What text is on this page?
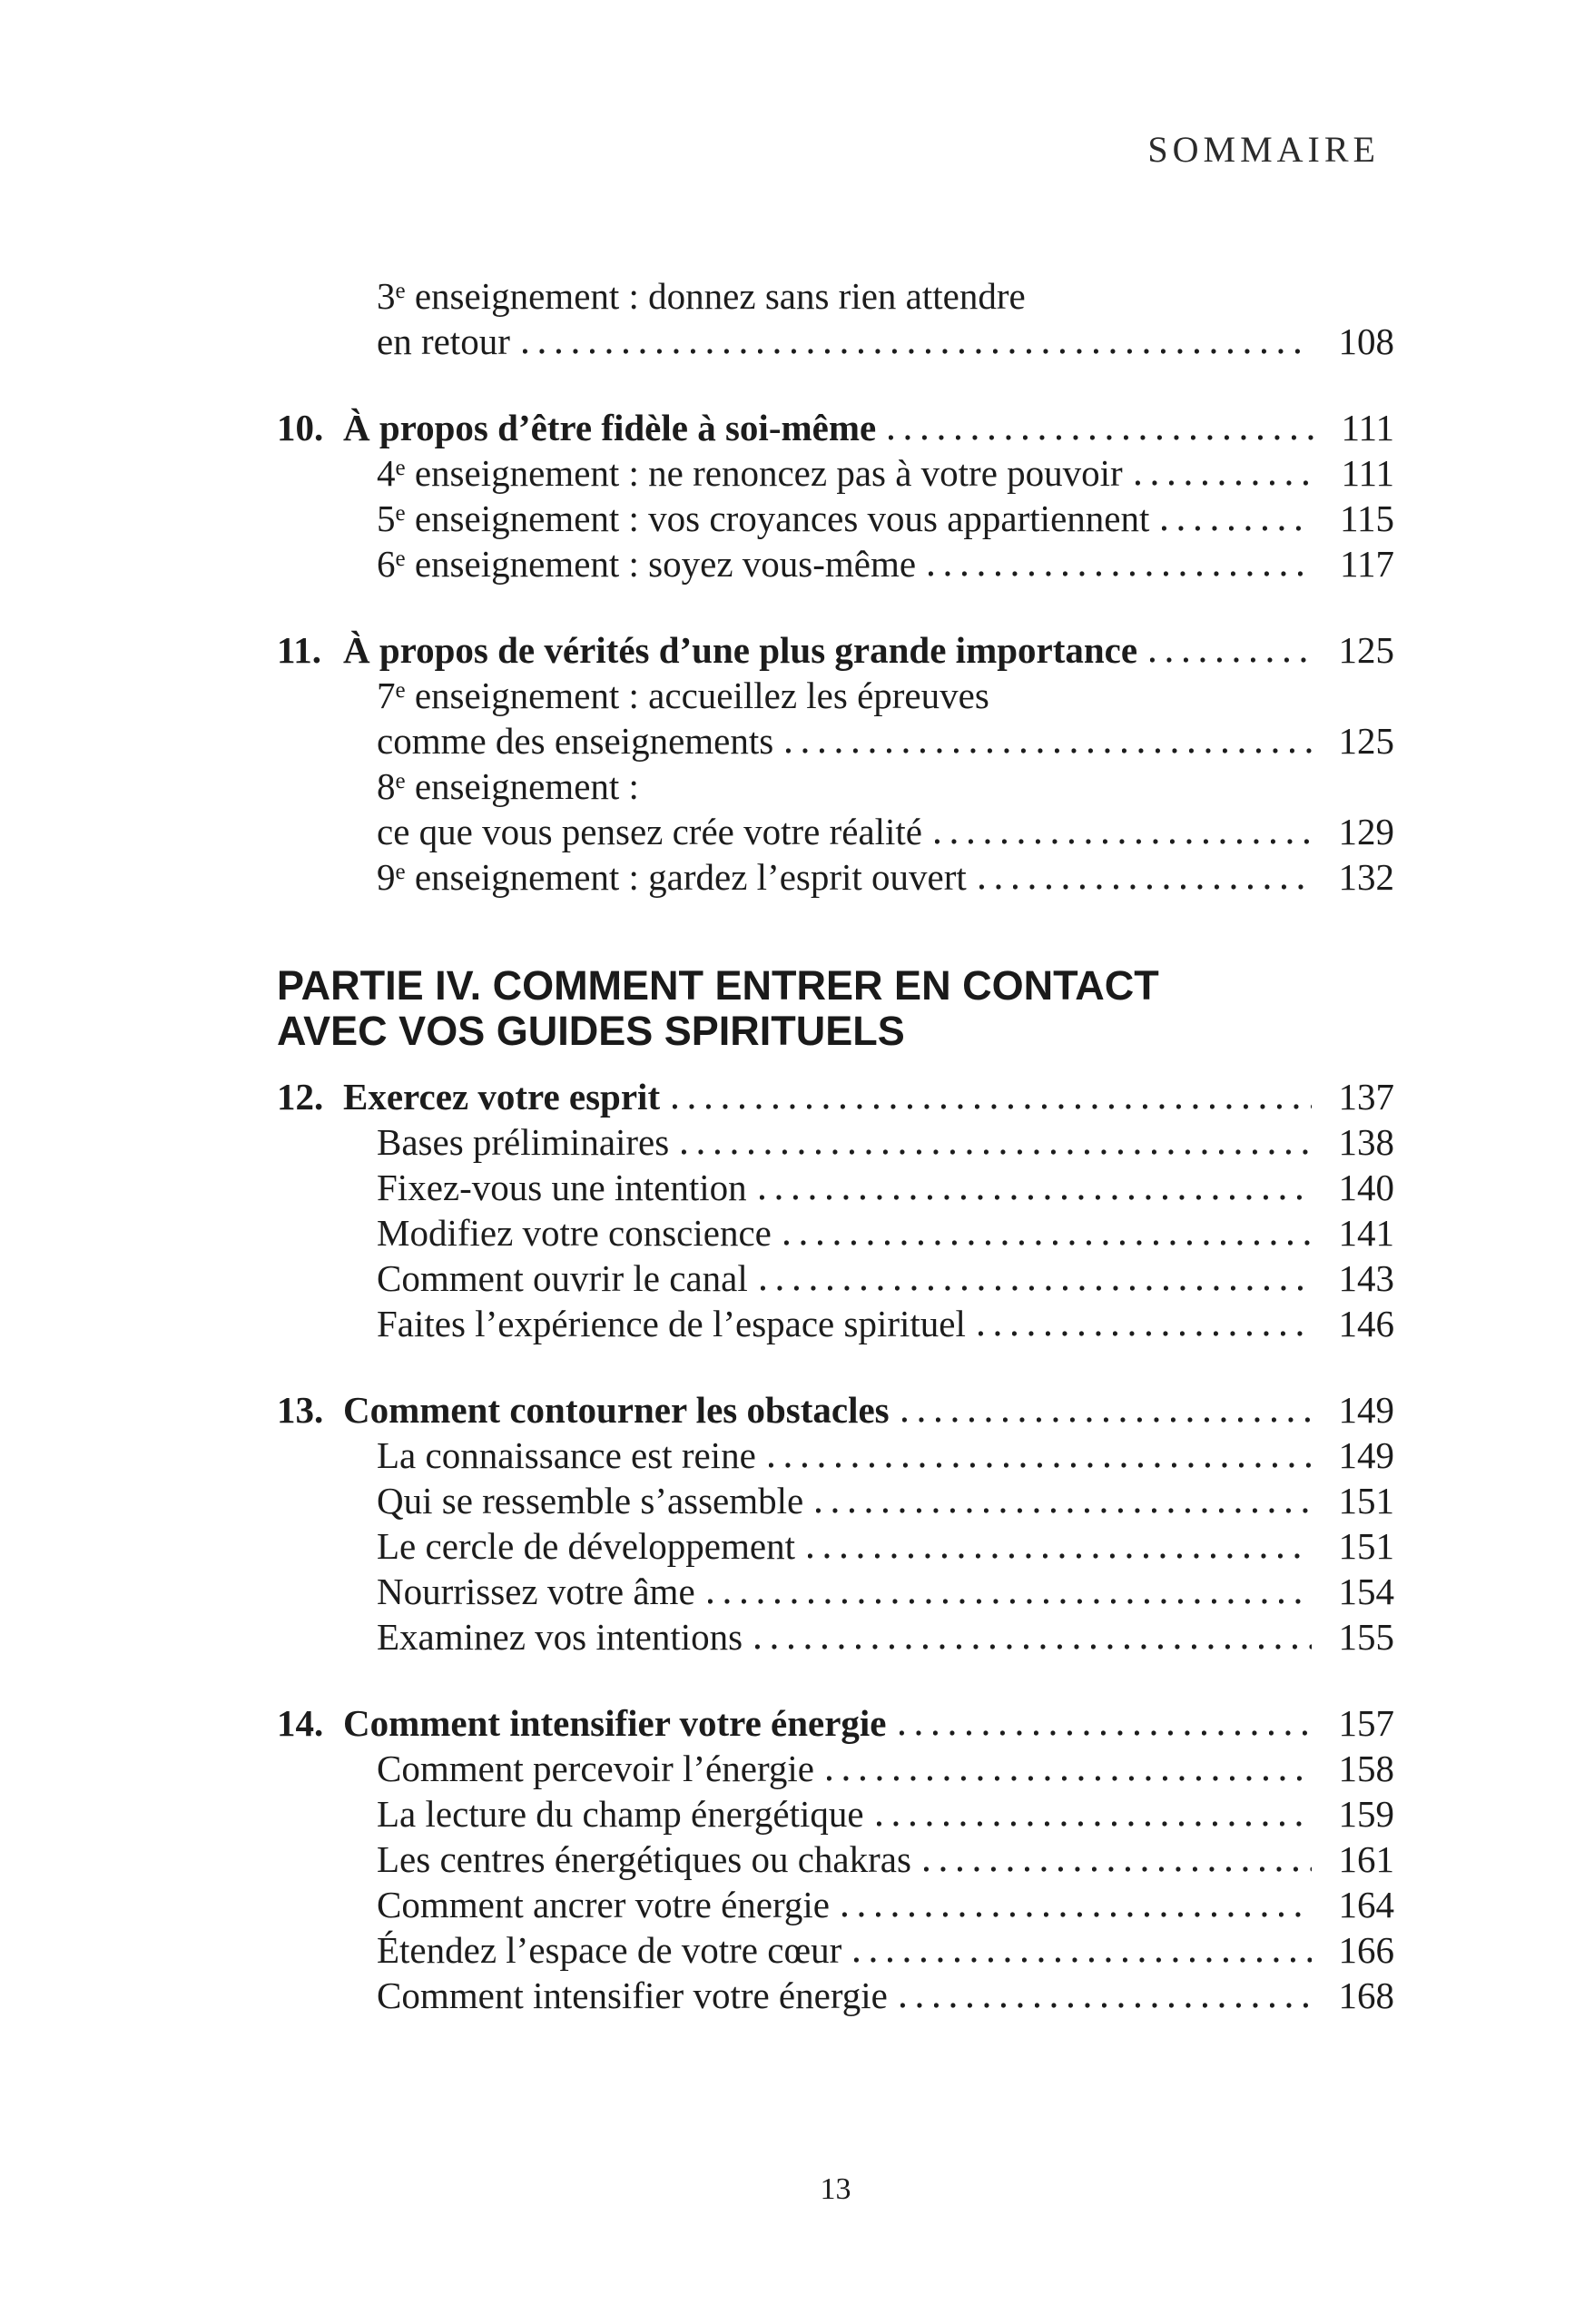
SOMMAIRE
3e enseignement : donnez sans rien attendre
en retour	108
10. À propos d’être fidèle à soi-même	111
4e enseignement : ne renoncez pas à votre pouvoir	111
5e enseignement : vos croyances vous appartiennent	115
6e enseignement : soyez vous-même	117
11. À propos de vérités d’une plus grande importance	125
7e enseignement : accueillez les épreuves
comme des enseignements	125
8e enseignement :
ce que vous pensez crée votre réalité	129
9e enseignement : gardez l’esprit ouvert	132
PARTIE IV. COMMENT ENTRER EN CONTACT
AVEC VOS GUIDES SPIRITUELS
12. Exercez votre esprit	137
Bases préliminaires	138
Fixez-vous une intention	140
Modifiez votre conscience	141
Comment ouvrir le canal	143
Faites l’expérience de l’espace spirituel	146
13. Comment contourner les obstacles	149
La connaissance est reine	149
Qui se ressemble s’assemble	151
Le cercle de développement	151
Nourrissez votre âme	154
Examinez vos intentions	155
14. Comment intensifier votre énergie	157
Comment percevoir l’énergie	158
La lecture du champ énergétique	159
Les centres énergétiques ou chakras	161
Comment ancrer votre énergie	164
Étendez l’espace de votre cœur	166
Comment intensifier votre énergie	168
13
